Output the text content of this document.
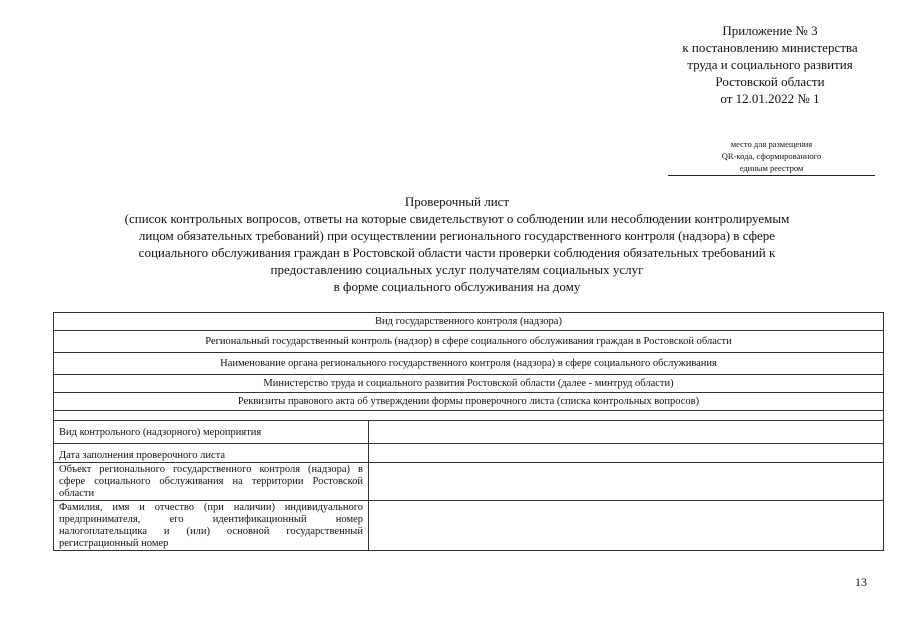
Приложение № 3
к постановлению министерства
труда и социального развития
Ростовской области
от 12.01.2022 № 1
место для размещения
QR-кода, сформированного
единым реестром
Проверочный лист
(список контрольных вопросов, ответы на которые свидетельствуют о соблюдении или несоблюдении контролируемым
лицом обязательных требований) при осуществлении регионального государственного контроля (надзора) в сфере
социального обслуживания граждан в Ростовской области части проверки соблюдения обязательных требований к
предоставлению социальных услуг получателям социальных услуг
в форме социального обслуживания на дому
Вид государственного контроля (надзора)	
Региональный государственный контроль (надзор) в сфере социального обслуживания граждан в Ростовской области	
Наименование органа регионального государственного контроля (надзора) в сфере социального обслуживания	
Министерство труда и социального развития Ростовской области (далее - минтруд области)	
Реквизиты правового акта об утверждении формы проверочного листа (списка контрольных вопросов)	

Вид контрольного (надзорного) мероприятия	
Дата заполнения проверочного листа	
Объект регионального государственного контроля (надзора) в сфере социального обслуживания на территории Ростовской области	
Фамилия, имя и отчество (при наличии) индивидуального предпринимателя, его идентификационный номер налогоплательщика и (или) основной государственный регистрационный номер	
13
